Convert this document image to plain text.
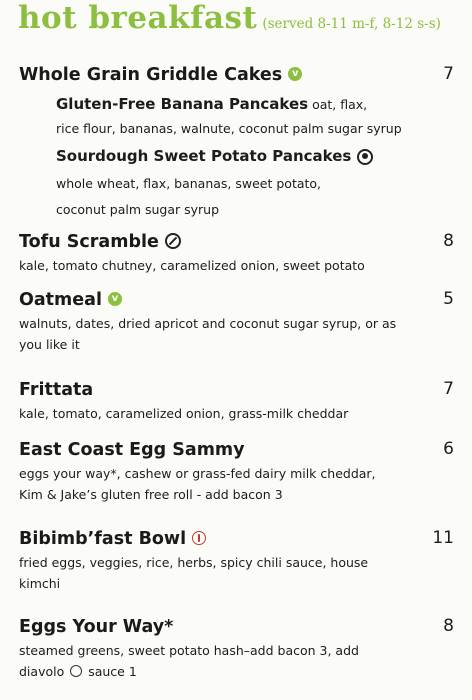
hot breakfast (served 8-11 m-f, 8-12 s-s)
Whole Grain Griddle Cakes v	7
Gluten-Free Banana Pancakes oat, flax,
rice flour, bananas, walnute, coconut palm sugar syrup
Sourdough Sweet Potato Pancakes
whole wheat, flax, bananas, sweet potato,
coconut palm sugar syrup
Tofu Scramble	8
kale, tomato chutney, caramelized onion, sweet potato
Oatmeal v	5
walnuts, dates, dried apricot and coconut sugar syrup, or as
you like it
Frittata	7
kale, tomato, caramelized onion, grass-milk cheddar
East Coast Egg Sammy	6
eggs your way*, cashew or grass-fed dairy milk cheddar,
Kim & Jake’s gluten free roll - add bacon 3
Bibimb’fast Bowl	11
fried eggs, veggies, rice, herbs, spicy chili sauce, house
kimchi
Eggs Your Way*	8
steamed greens, sweet potato hash–add bacon 3, add
diavolo sauce 1
